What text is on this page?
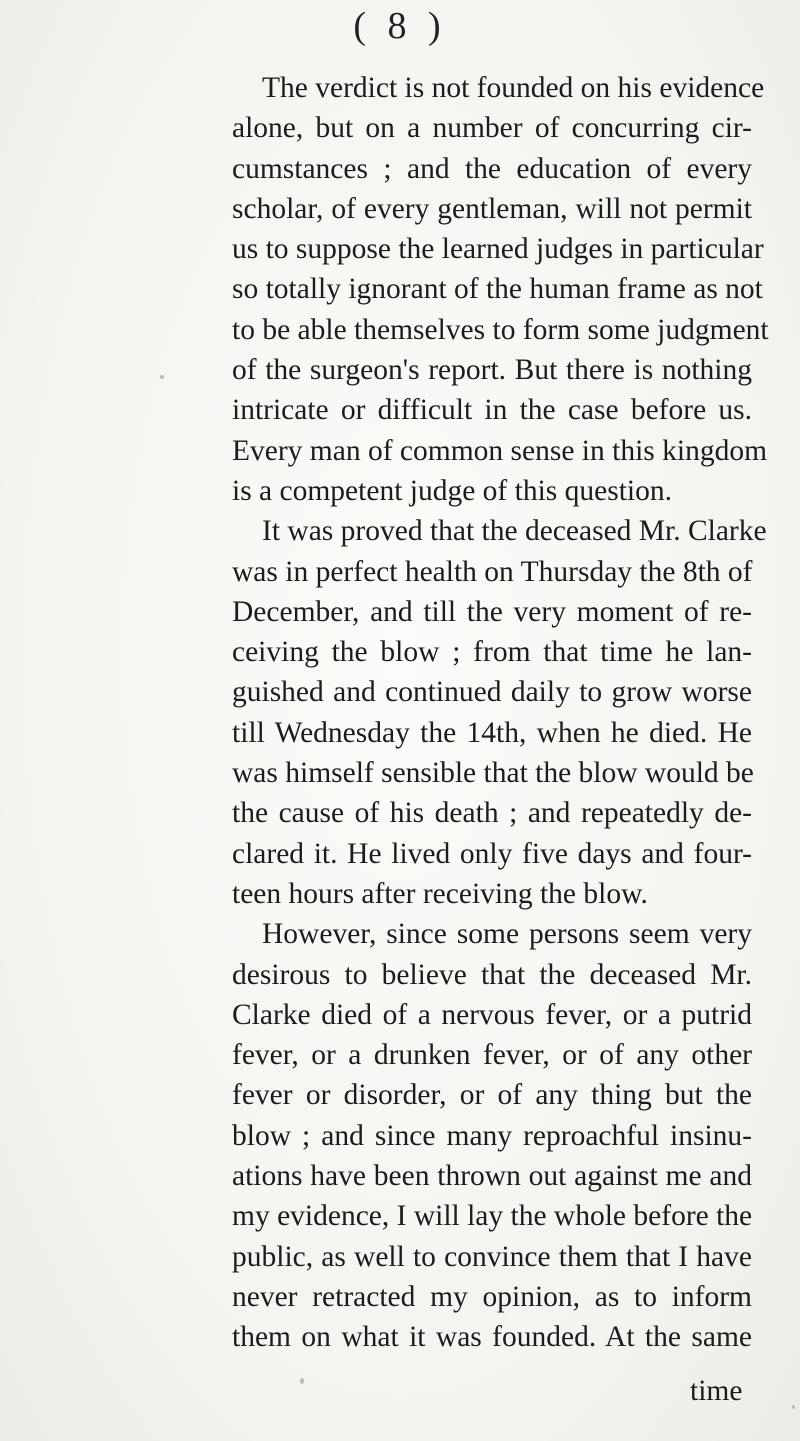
( 8 )
The verdict is not founded on his evidence
alone, but on a number of concurring cir-
cumstances ; and the education of every
scholar, of every gentleman, will not permit
us to suppose the learned judges in particular
so totally ignorant of the human frame as not
to be able themselves to form some judgment
of the surgeon's report. But there is nothing
intricate or difficult in the case before us.
Every man of common sense in this kingdom
is a competent judge of this question.
It was proved that the deceased Mr. Clarke
was in perfect health on Thursday the 8th of
December, and till the very moment of re-
ceiving the blow ; from that time he lan-
guished and continued daily to grow worse
till Wednesday the 14th, when he died. He
was himself sensible that the blow would be
the cause of his death ; and repeatedly de-
clared it. He lived only five days and four-
teen hours after receiving the blow.
However, since some persons seem very
desirous to believe that the deceased Mr.
Clarke died of a nervous fever, or a putrid
fever, or a drunken fever, or of any other
fever or disorder, or of any thing but the
blow ; and since many reproachful insinu-
ations have been thrown out against me and
my evidence, I will lay the whole before the
public, as well to convince them that I have
never retracted my opinion, as to inform
them on what it was founded. At the same
time
